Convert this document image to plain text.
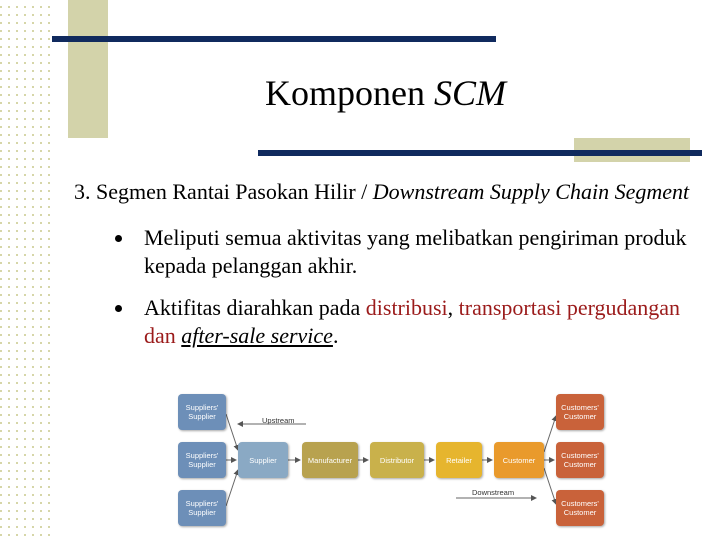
Komponen SCM

3. Segmen Rantai Pasokan Hilir / Downstream Supply Chain Segment

Meliputi semua aktivitas yang melibatkan pengiriman produk kepada pelanggan akhir.
Aktifitas diarahkan pada distribusi, transportasi pergudangan dan after-sale service.
Suppliers' Supplier
Suppliers' Supplier
Suppliers' Supplier
Supplier	Manufacturer	Distributor	Retailer	Customer
Customers' Customer
Customers' Customer
Customers' Customer
Upstream
Downstream
